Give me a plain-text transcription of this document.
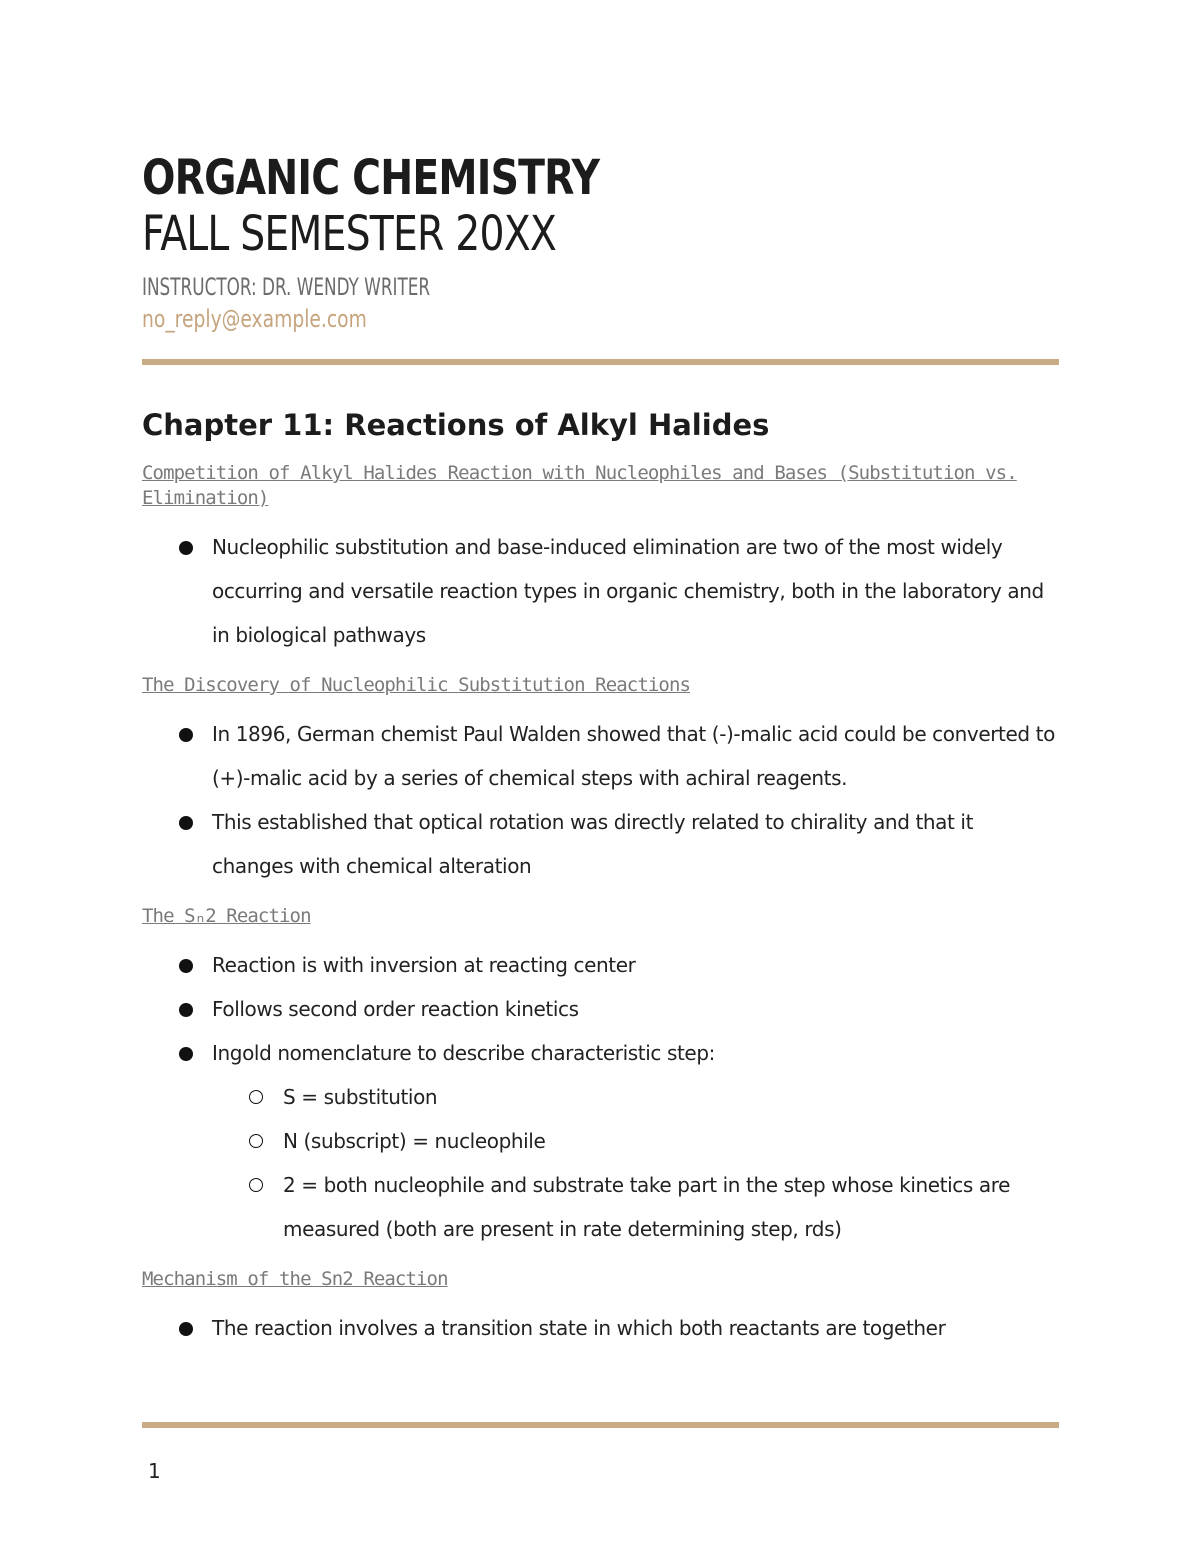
ORGANIC CHEMISTRY
FALL SEMESTER 20XX
INSTRUCTOR: DR. WENDY WRITER
no_reply@example.com
Chapter 11: Reactions of Alkyl Halides

Competition of Alkyl Halides Reaction with Nucleophiles and Bases (Substitution vs. Elimination)

Nucleophilic substitution and base-induced elimination are two of the most widely occurring and versatile reaction types in organic chemistry, both in the laboratory and in biological pathways

The Discovery of Nucleophilic Substitution Reactions

In 1896, German chemist Paul Walden showed that (-)-malic acid could be converted to (+)-malic acid by a series of chemical steps with achiral reagents.
This established that optical rotation was directly related to chirality and that it changes with chemical alteration

The Sₙ2 Reaction

Reaction is with inversion at reacting center
Follows second order reaction kinetics
Ingold nomenclature to describe characteristic step:
S = substitution
N (subscript) = nucleophile
2 = both nucleophile and substrate take part in the step whose kinetics are measured (both are present in rate determining step, rds)

Mechanism of the Sn2 Reaction

The reaction involves a transition state in which both reactants are together
1
